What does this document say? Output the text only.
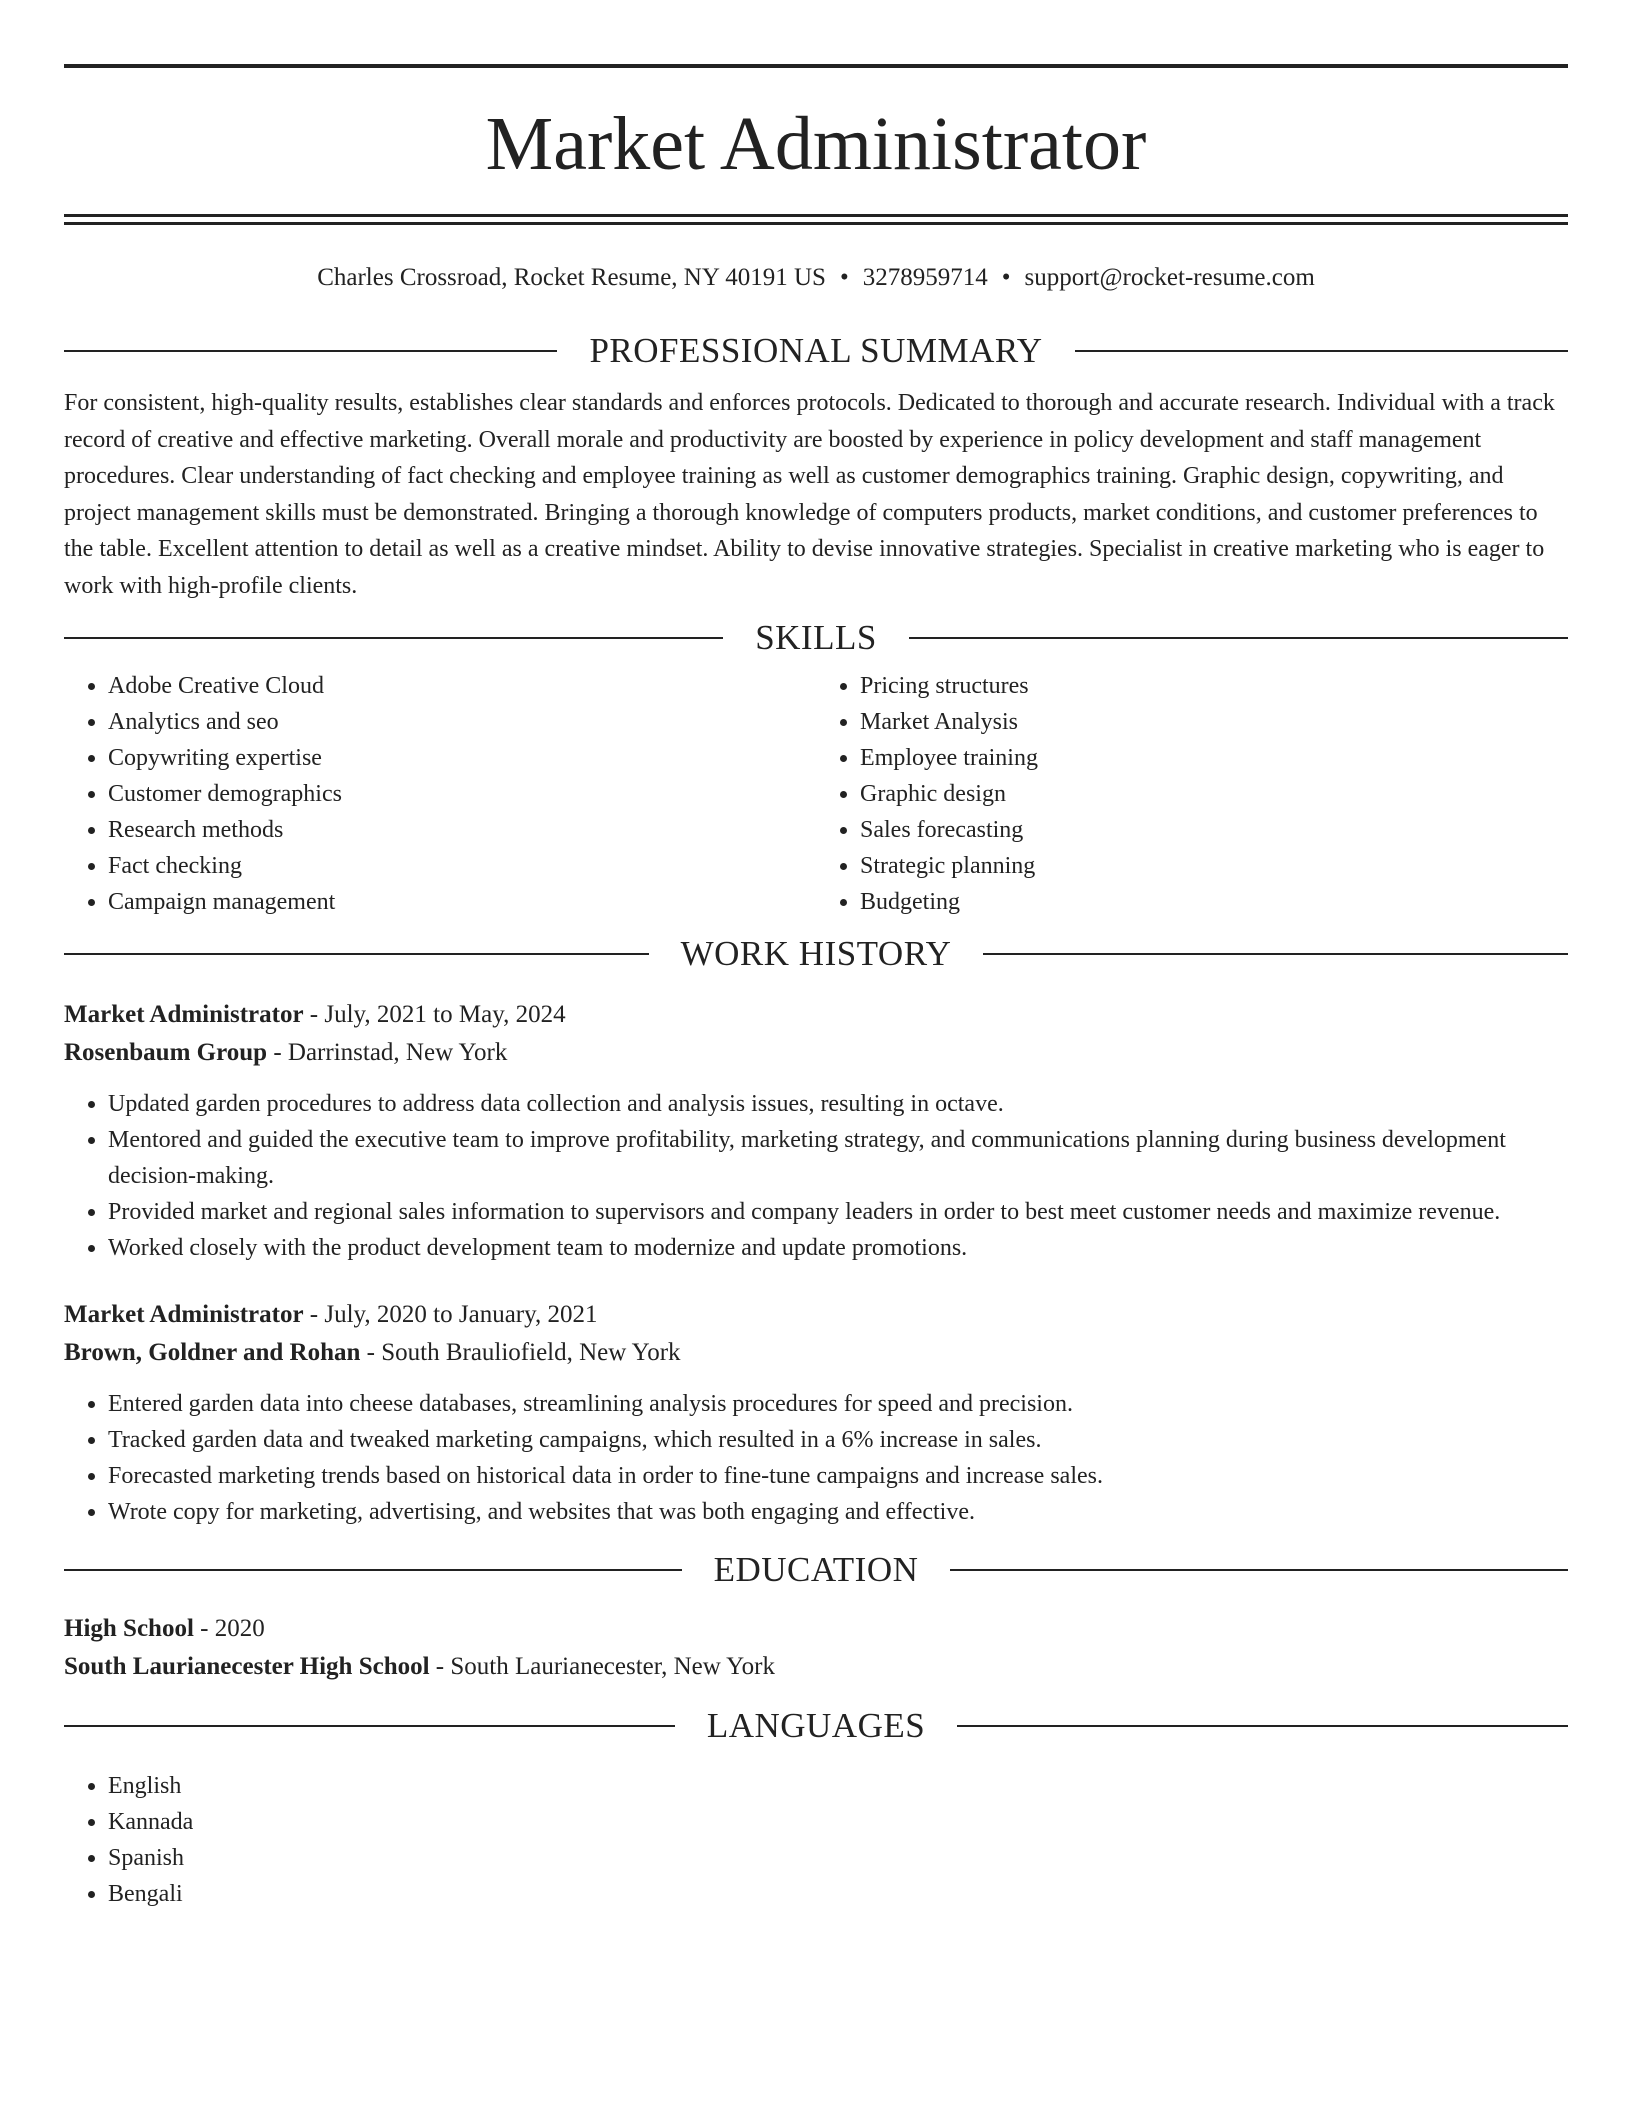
Market Administrator
Charles Crossroad, Rocket Resume, NY 40191 US • 3278959714 • support@rocket-resume.com
PROFESSIONAL SUMMARY

For consistent, high-quality results, establishes clear standards and enforces protocols. Dedicated to thorough and accurate research. Individual with a track record of creative and effective marketing. Overall morale and productivity are boosted by experience in policy development and staff management procedures. Clear understanding of fact checking and employee training as well as customer demographics training. Graphic design, copywriting, and project management skills must be demonstrated. Bringing a thorough knowledge of computers products, market conditions, and customer preferences to the table. Excellent attention to detail as well as a creative mindset. Ability to devise innovative strategies. Specialist in creative marketing who is eager to work with high-profile clients.

SKILLS
• Adobe Creative Cloud
• Analytics and seo
• Copywriting expertise
• Customer demographics
• Research methods
• Fact checking
• Campaign management
• Pricing structures
• Market Analysis
• Employee training
• Graphic design
• Sales forecasting
• Strategic planning
• Budgeting
WORK HISTORY
Market Administrator - July, 2021 to May, 2024
Rosenbaum Group - Darrinstad, New York
• Updated garden procedures to address data collection and analysis issues, resulting in octave.
• Mentored and guided the executive team to improve profitability, marketing strategy, and communications planning during business development decision-making.
• Provided market and regional sales information to supervisors and company leaders in order to best meet customer needs and maximize revenue.
• Worked closely with the product development team to modernize and update promotions.
Market Administrator - July, 2020 to January, 2021
Brown, Goldner and Rohan - South Brauliofield, New York
• Entered garden data into cheese databases, streamlining analysis procedures for speed and precision.
• Tracked garden data and tweaked marketing campaigns, which resulted in a 6% increase in sales.
• Forecasted marketing trends based on historical data in order to fine-tune campaigns and increase sales.
• Wrote copy for marketing, advertising, and websites that was both engaging and effective.
EDUCATION
High School - 2020
South Laurianecester High School - South Laurianecester, New York
LANGUAGES
• English
• Kannada
• Spanish
• Bengali
